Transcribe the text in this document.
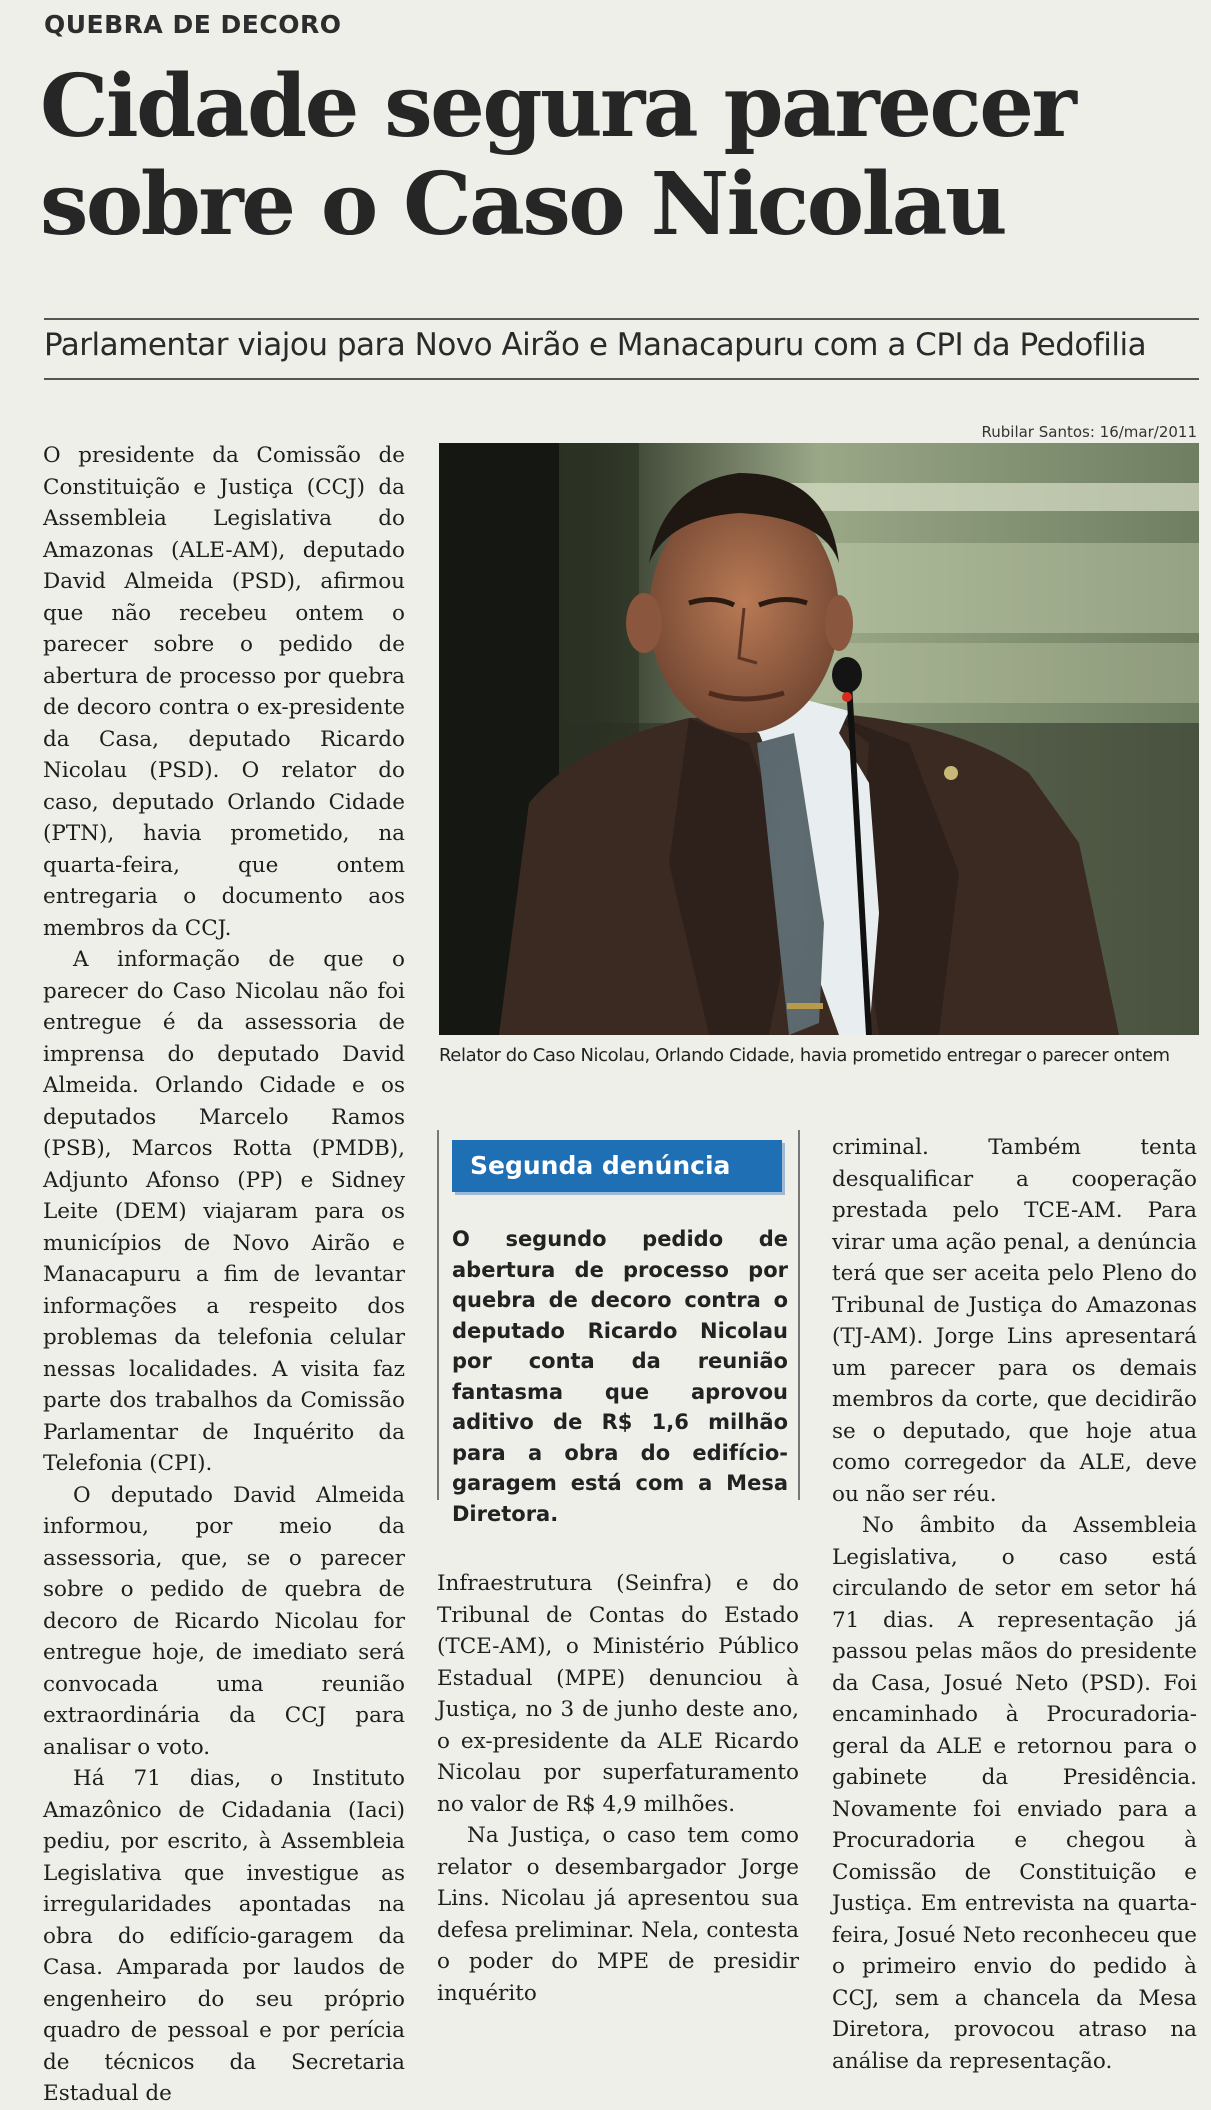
QUEBRA DE DECORO
Cidade segura parecer
sobre o Caso Nicolau
Parlamentar viajou para Novo Airão e Manacapuru com a CPI da Pedofilia
Rubilar Santos: 16/mar/2011
Relator do Caso Nicolau, Orlando Cidade, havia prometido entregar o parecer ontem

O presidente da Comissão de Constituição e Justiça (CCJ) da Assembleia Legislativa do Amazonas (ALE-AM), deputado David Almeida (PSD), afirmou que não recebeu ontem o parecer sobre o pedido de abertura de processo por quebra de decoro contra o ex-presidente da Casa, deputado Ricardo Nicolau (PSD). O relator do caso, deputado Orlando Cidade (PTN), havia prometido, na quarta-feira, que ontem entregaria o documento aos membros da CCJ.

A informação de que o parecer do Caso Nicolau não foi entregue é da assessoria de imprensa do deputado David Almeida. Orlando Cidade e os deputados Marcelo Ramos (PSB), Marcos Rotta (PMDB), Adjunto Afonso (PP) e Sidney Leite (DEM) viajaram para os municípios de Novo Airão e Manacapuru a fim de levantar informações a respeito dos problemas da telefonia celular nessas localidades. A visita faz parte dos trabalhos da Comissão Parlamentar de Inquérito da Telefonia (CPI).

O deputado David Almeida informou, por meio da assessoria, que, se o parecer sobre o pedido de quebra de decoro de Ricardo Nicolau for entregue hoje, de imediato será convocada uma reunião extraordinária da CCJ para analisar o voto.

Há 71 dias, o Instituto Amazônico de Cidadania (Iaci) pediu, por escrito, à Assembleia Legislativa que investigue as irregularidades apontadas na obra do edifício-garagem da Casa. Amparada por laudos de engenheiro do seu próprio quadro de pessoal e por perícia de técnicos da Secretaria Estadual de

Segunda denúncia
O segundo pedido de abertura de processo por quebra de decoro contra o deputado Ricardo Nicolau por conta da reunião fantasma que aprovou aditivo de R$ 1,6 milhão para a obra do edifício-garagem está com a Mesa Diretora.

Infraestrutura (Seinfra) e do Tribunal de Contas do Estado (TCE-AM), o Ministério Público Estadual (MPE) denunciou à Justiça, no 3 de junho deste ano, o ex-presidente da ALE Ricardo Nicolau por superfaturamento no valor de R$ 4,9 milhões.

Na Justiça, o caso tem como relator o desembargador Jorge Lins. Nicolau já apresentou sua defesa preliminar. Nela, contesta o poder do MPE de presidir inquérito

criminal. Também tenta desqualificar a cooperação prestada pelo TCE-AM. Para virar uma ação penal, a denúncia terá que ser aceita pelo Pleno do Tribunal de Justiça do Amazonas (TJ-AM). Jorge Lins apresentará um parecer para os demais membros da corte, que decidirão se o deputado, que hoje atua como corregedor da ALE, deve ou não ser réu.

No âmbito da Assembleia Legislativa, o caso está circulando de setor em setor há 71 dias. A representação já passou pelas mãos do presidente da Casa, Josué Neto (PSD). Foi encaminhado à Procuradoria-geral da ALE e retornou para o gabinete da Presidência. Novamente foi enviado para a Procuradoria e chegou à Comissão de Constituição e Justiça. Em entrevista na quarta-feira, Josué Neto reconheceu que o primeiro envio do pedido à CCJ, sem a chancela da Mesa Diretora, provocou atraso na análise da representação.
